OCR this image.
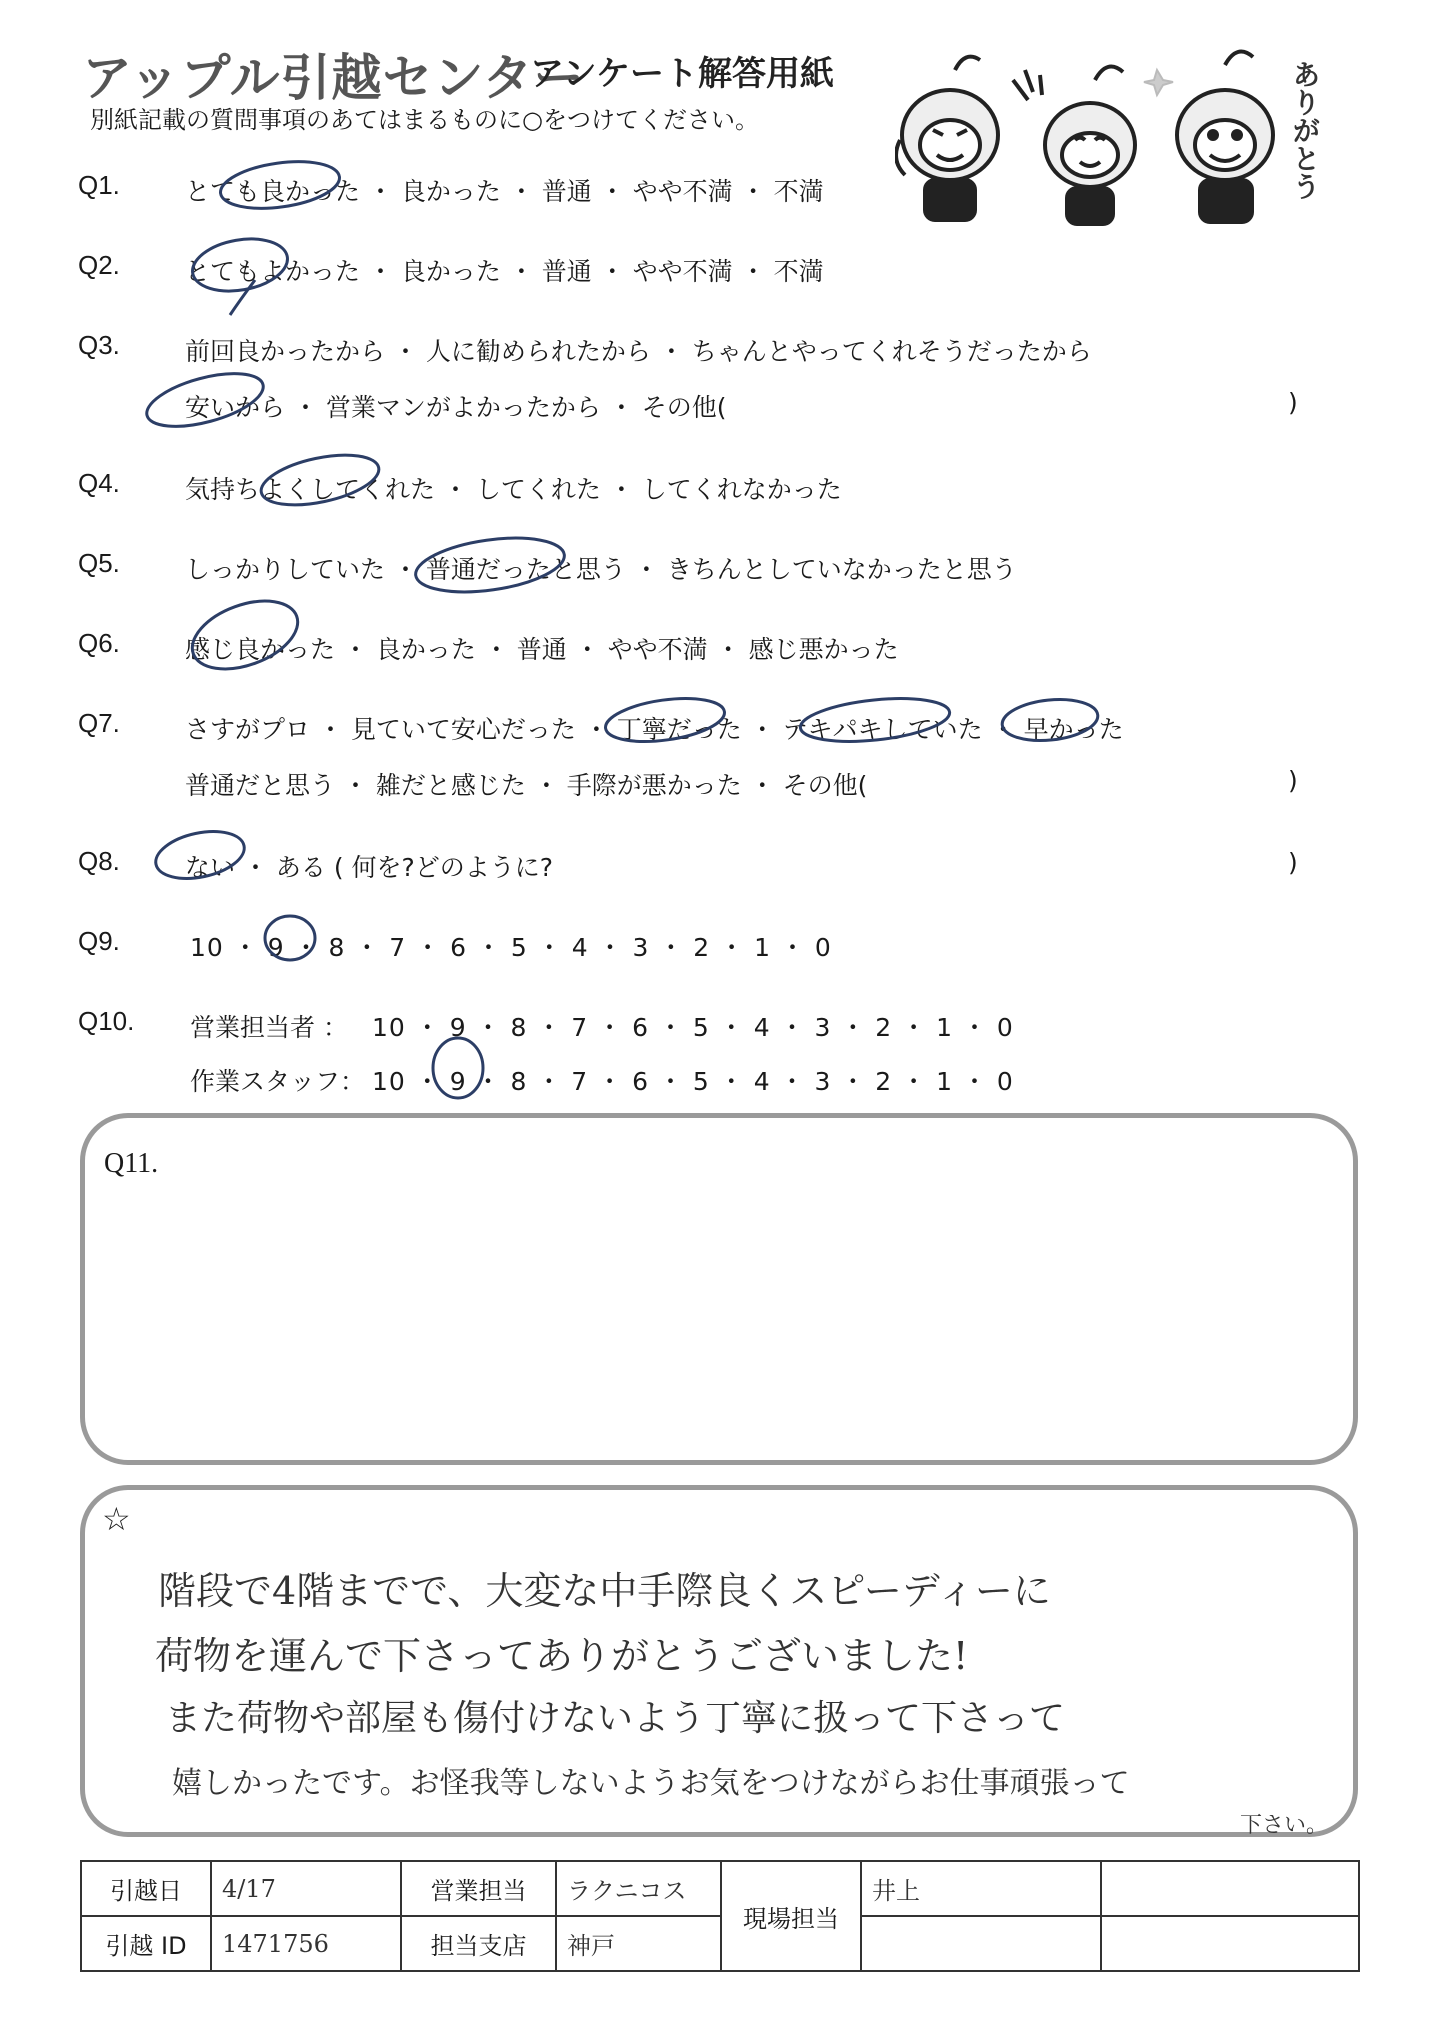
アップル引越センター
アンケート解答用紙
別紙記載の質問事項のあてはまるものに○をつけてください。	ありがとう
Q1.	とても良かった ・ 良かった ・ 普通 ・ やや不満 ・ 不満
Q2.	とてもよかった ・ 良かった ・ 普通 ・ やや不満 ・ 不満
Q3.	前回良かったから ・ 人に勧められたから ・ ちゃんとやってくれそうだったから
安いから ・ 営業マンがよかったから ・ その他(	)
Q4.	気持ちよくしてくれた ・ してくれた ・ してくれなかった
Q5.	しっかりしていた ・ 普通だったと思う ・ きちんとしていなかったと思う
Q6.	感じ良かった ・ 良かった ・ 普通 ・ やや不満 ・ 感じ悪かった
Q7.	さすがプロ ・ 見ていて安心だった ・ 丁寧だった ・ テキパキしていた ・ 早かった
普通だと思う ・ 雑だと感じた ・ 手際が悪かった ・ その他(	)
Q8.	ない ・ ある ( 何を?どのように?	)
Q9.	10 ・ 9 ・ 8 ・ 7 ・ 6 ・ 5 ・ 4 ・ 3 ・ 2 ・ 1 ・ 0
Q10. 営業担当者 ： 10 ・ 9 ・ 8 ・ 7 ・ 6 ・ 5 ・ 4 ・ 3 ・ 2 ・ 1 ・ 0
作業スタッフ： 10 ・ 9 ・ 8 ・ 7 ・ 6 ・ 5 ・ 4 ・ 3 ・ 2 ・ 1 ・ 0
Q11.
☆
階段で4階までで、大変な中手際良くスピーディーに
荷物を運んで下さってありがとうございました!
また荷物や部屋も傷付けないよう丁寧に扱って下さって
嬉しかったです。お怪我等しないようお気をつけながらお仕事頑張って
下さい。
引越日	4/17	営業担当	ラクニコス	現場担当	井上	
引越 ID	1471756	担当支店	神戸			
